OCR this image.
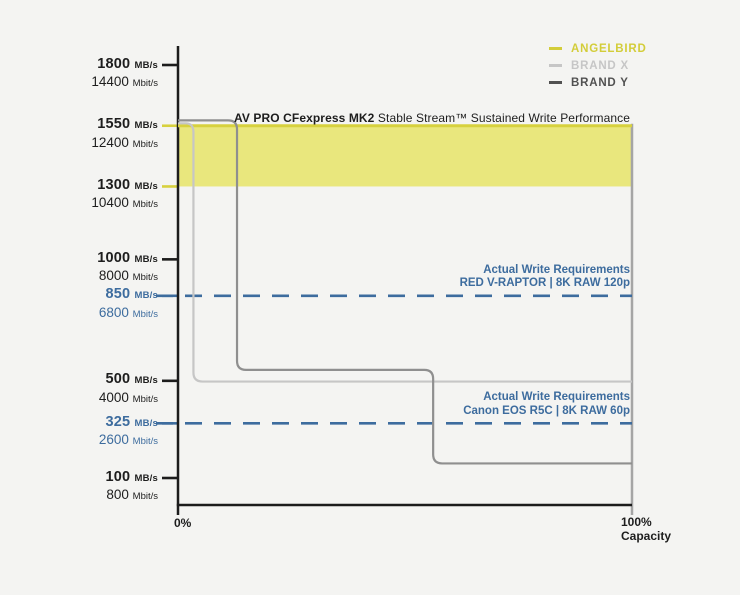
ANGELBIRD
BRAND X
BRAND Y
AV PRO CFexpress MK2 Stable Stream™ Sustained Write Performance
1800 MB/s
14400 Mbit/s
1550 MB/s
12400 Mbit/s
1300 MB/s
10400 Mbit/s
1000 MB/s
8000 Mbit/s
850 MB/s
6800 Mbit/s
500 MB/s
4000 Mbit/s
325 MB/s
2600 Mbit/s
100 MB/s
800 Mbit/s
Actual Write Requirements
RED V-RAPTOR | 8K RAW 120p
Actual Write Requirements
Canon EOS R5C | 8K RAW 60p
0%	100%
Capacity
